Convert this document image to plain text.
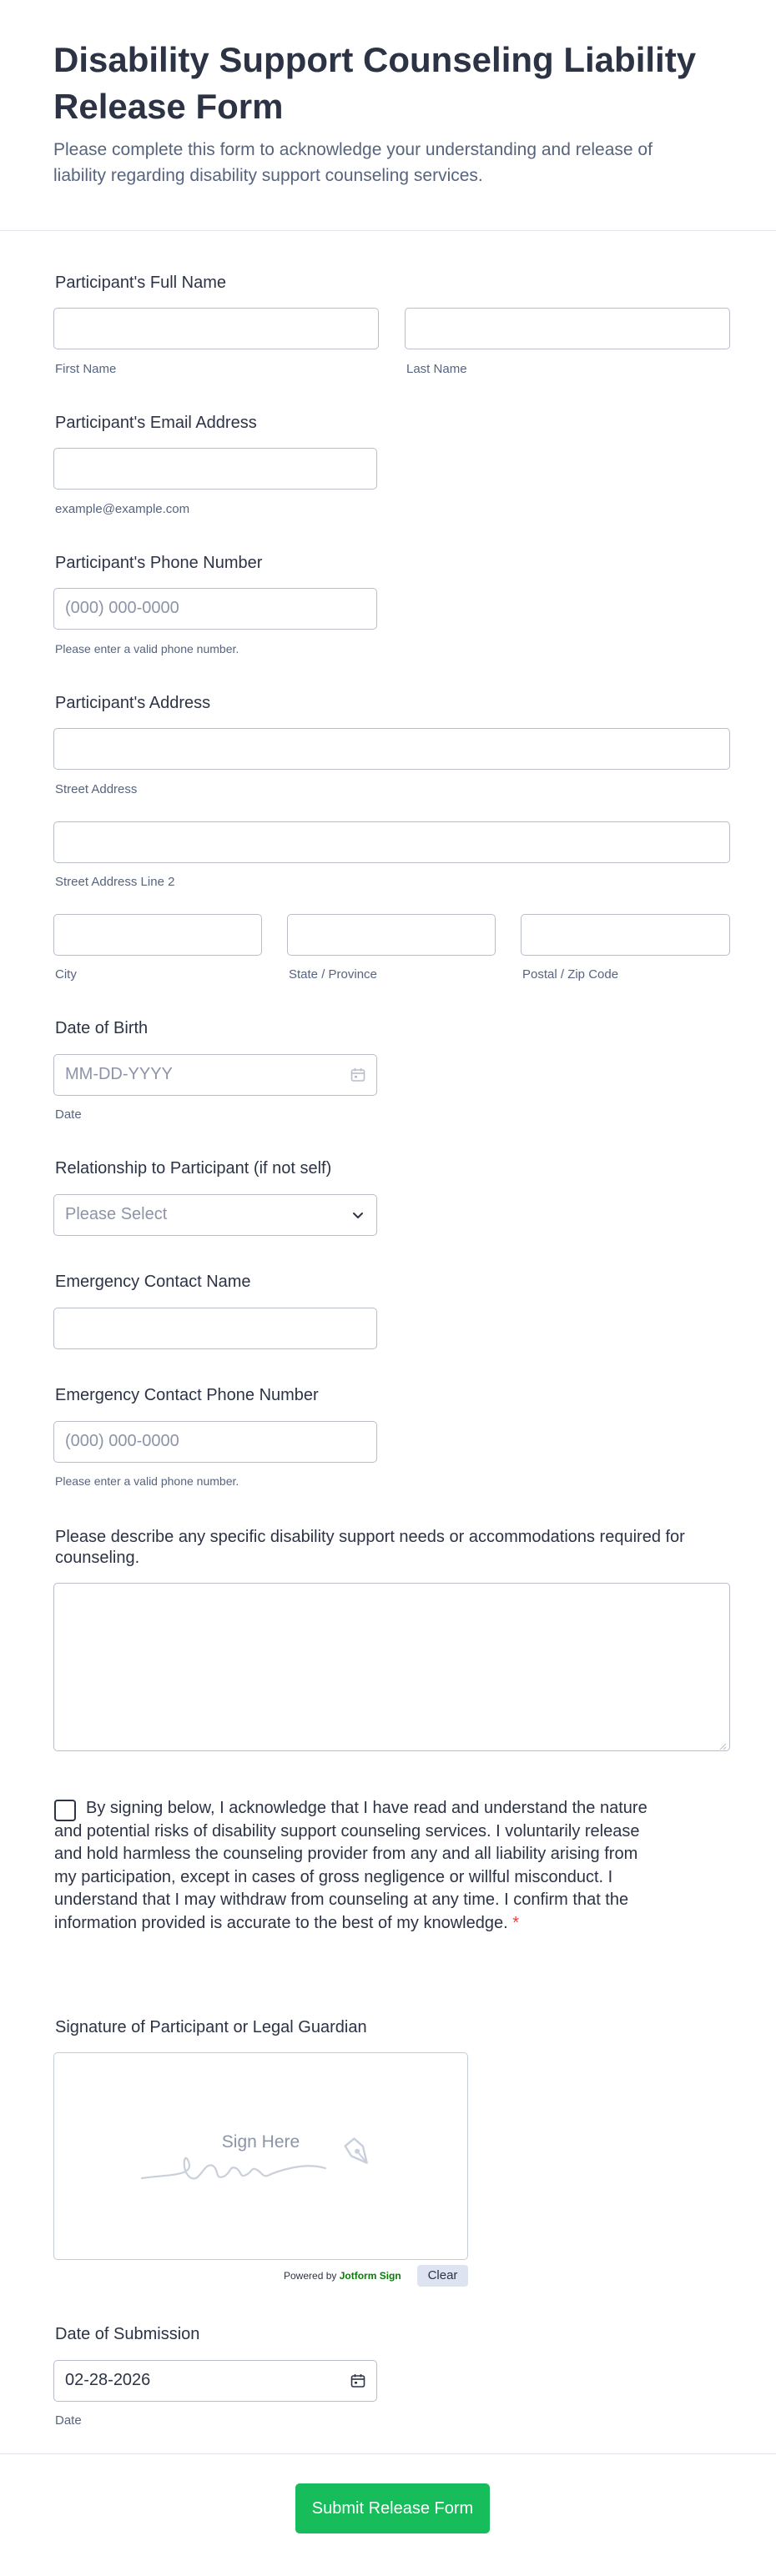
Disability Support Counseling Liability Release Form

Please complete this form to acknowledge your understanding and release of liability regarding disability support counseling services.

Participant's Full Name
First Name	Last Name
Participant's Email Address
example@example.com
Participant's Phone Number
(000) 000-0000
Please enter a valid phone number.
Participant's Address
Street Address
Street Address Line 2
City	State / Province	Postal / Zip Code
Date of Birth
MM-DD-YYYY
Date
Relationship to Participant (if not self)
Please Select
Emergency Contact Name
Emergency Contact Phone Number
(000) 000-0000
Please enter a valid phone number.
Please describe any specific disability support needs or accommodations required for counseling.
By signing below, I acknowledge that I have read and understand the nature and potential risks of disability support counseling services. I voluntarily release and hold harmless the counseling provider from any and all liability arising from my participation, except in cases of gross negligence or willful misconduct. I understand that I may withdraw from counseling at any time. I confirm that the information provided is accurate to the best of my knowledge. *
Signature of Participant or Legal Guardian
Sign Here
Powered by Jotform Sign	Clear
Date of Submission
02-28-2026
Date
Submit Release Form
